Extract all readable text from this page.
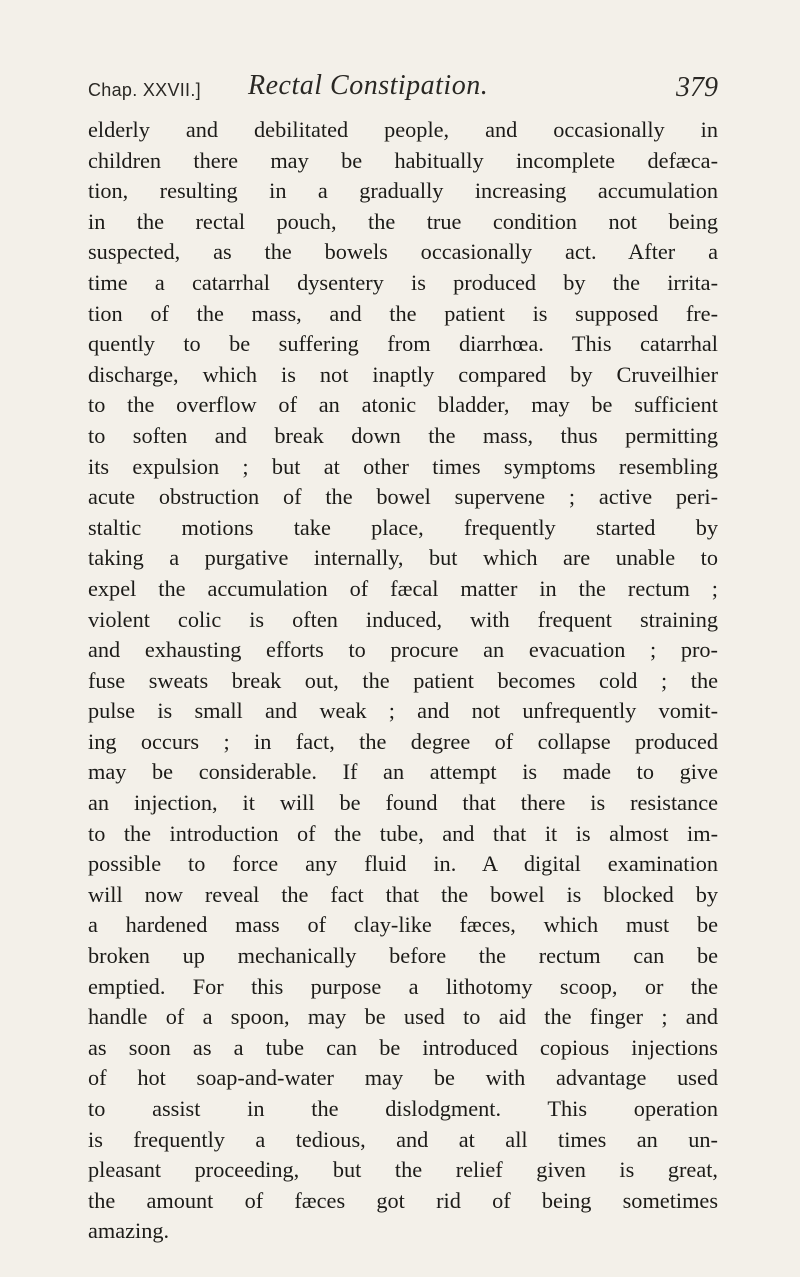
Chap. XXVII.] Rectal Constipation.	379
elderly and debilitated people, and occasionally in
children there may be habitually incomplete defæca-
tion, resulting in a gradually increasing accumulation
in the rectal pouch, the true condition not being
suspected, as the bowels occasionally act. After a
time a catarrhal dysentery is produced by the irrita-
tion of the mass, and the patient is supposed fre-
quently to be suffering from diarrhœa. This catarrhal
discharge, which is not inaptly compared by Cruveilhier
to the overflow of an atonic bladder, may be sufficient
to soften and break down the mass, thus permitting
its expulsion ; but at other times symptoms resembling
acute obstruction of the bowel supervene ; active peri-
staltic motions take place, frequently started by
taking a purgative internally, but which are unable to
expel the accumulation of fæcal matter in the rectum ;
violent colic is often induced, with frequent straining
and exhausting efforts to procure an evacuation ; pro-
fuse sweats break out, the patient becomes cold ; the
pulse is small and weak ; and not unfrequently vomit-
ing occurs ; in fact, the degree of collapse produced
may be considerable. If an attempt is made to give
an injection, it will be found that there is resistance
to the introduction of the tube, and that it is almost im-
possible to force any fluid in. A digital examination
will now reveal the fact that the bowel is blocked by
a hardened mass of clay-like fæces, which must be
broken up mechanically before the rectum can be
emptied. For this purpose a lithotomy scoop, or the
handle of a spoon, may be used to aid the finger ; and
as soon as a tube can be introduced copious injections
of hot soap-and-water may be with advantage used
to assist in the dislodgment. This operation
is frequently a tedious, and at all times an un-
pleasant proceeding, but the relief given is great,
the amount of fæces got rid of being sometimes
amazing.
